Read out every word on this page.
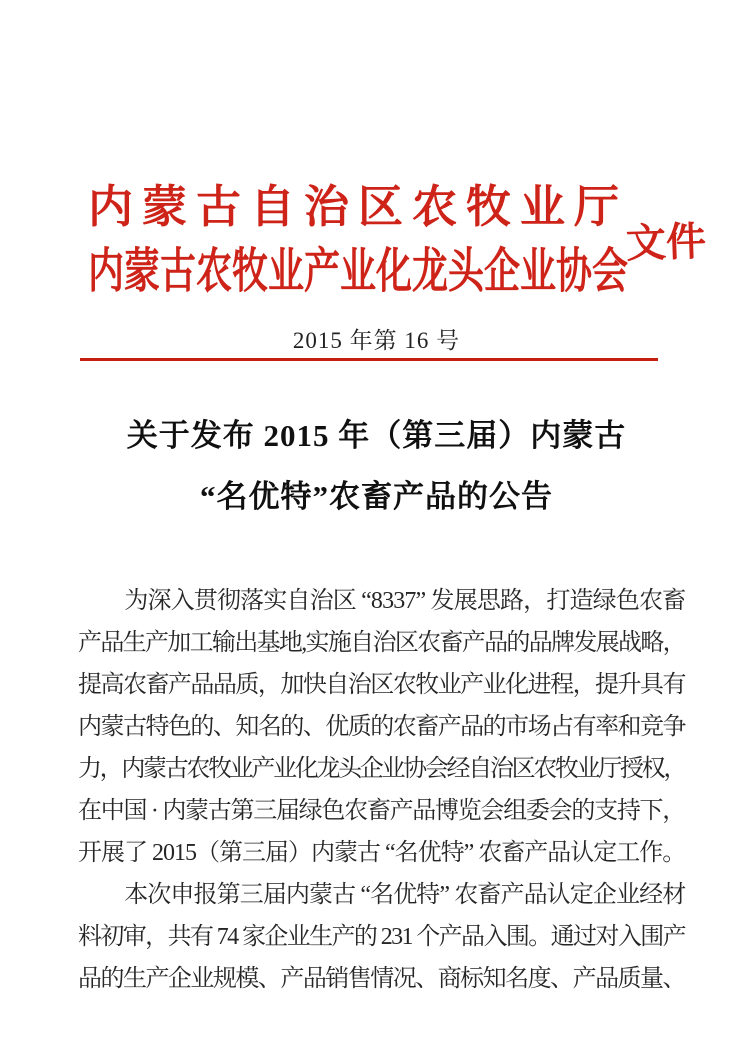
内蒙古自治区农牧业厅
内蒙古农牧业产业化龙头企业协会
文件
2015 年第 16 号
关于发布 2015 年（第三届）内蒙古
“名优特”农畜产品的公告
　　为深入贯彻落实自治区 “8337” 发展思路，打造绿色农畜
产品生产加工输出基地,实施自治区农畜产品的品牌发展战略，
提高农畜产品品质，加快自治区农牧业产业化进程，提升具有
内蒙古特色的、知名的、优质的农畜产品的市场占有率和竞争
力，内蒙古农牧业产业化龙头企业协会经自治区农牧业厅授权，
在中国 · 内蒙古第三届绿色农畜产品博览会组委会的支持下，
开展了 2015（第三届）内蒙古 “名优特” 农畜产品认定工作。
　　本次申报第三届内蒙古 “名优特” 农畜产品认定企业经材
料初审，共有 74 家企业生产的 231 个产品入围。通过对入围产
品的生产企业规模、产品销售情况、商标知名度、产品质量、
